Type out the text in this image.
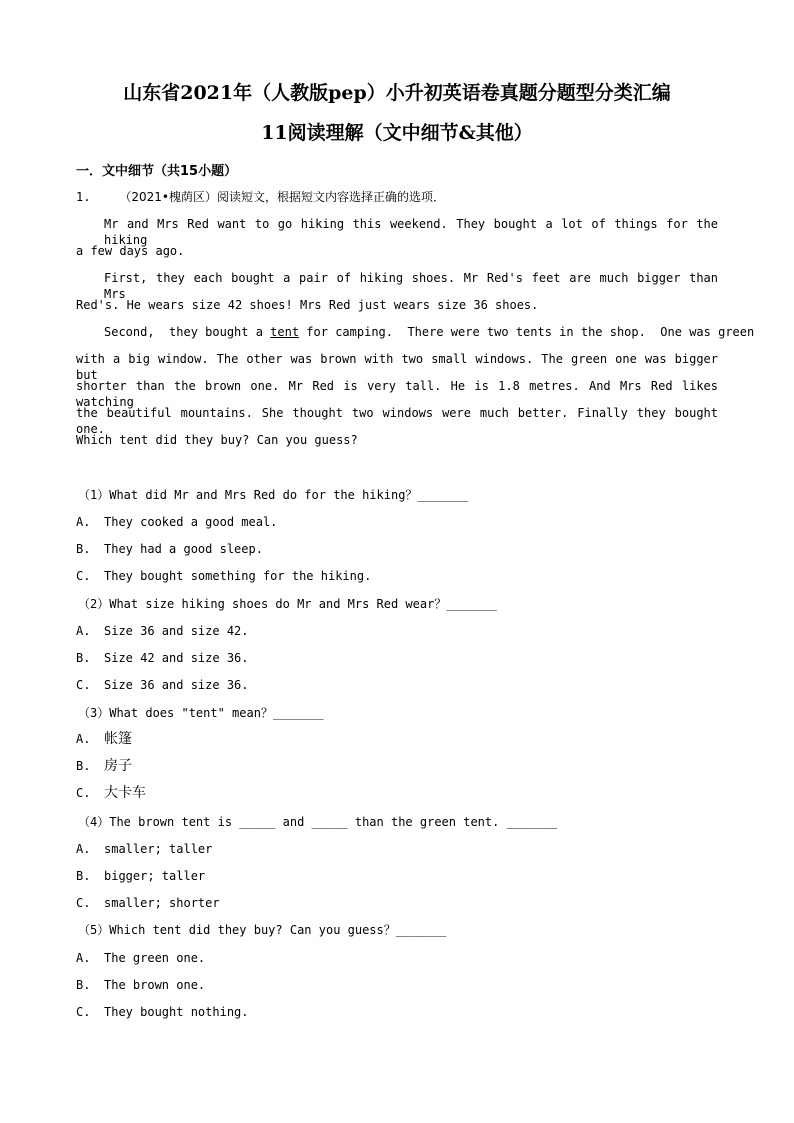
山东省2021年（人教版pep）小升初英语卷真题分题型分类汇编
11阅读理解（文中细节&其他）
一．文中细节（共15小题）
1. （2021•槐荫区）阅读短文，根据短文内容选择正确的选项．
Mr and Mrs Red want to go hiking this weekend. They bought a lot of things for the hiking
a few days ago.
First, they each bought a pair of hiking shoes. Mr Red's feet are much bigger than Mrs
Red's. He wears size 42 shoes! Mrs Red just wears size 36 shoes.
Second,  they bought a tent for camping.  There were two tents in the shop.  One was green
with a big window. The other was brown with two small windows. The green one was bigger but
shorter than the brown one. Mr Red is very tall. He is 1.8 metres. And Mrs Red likes watching
the beautiful mountains. She thought two windows were much better. Finally they bought one.
Which tent did they buy? Can you guess?
（1）What did Mr and Mrs Red do for the hiking？_______
A. They cooked a good meal.
B. They had a good sleep.
C. They bought something for the hiking.
（2）What size hiking shoes do Mr and Mrs Red wear？_______
A. Size 36 and size 42.
B. Size 42 and size 36.
C. Size 36 and size 36.
（3）What does "tent" mean？_______
A. 帐篷
B. 房子
C. 大卡车
（4）The brown tent is _____ and _____ than the green tent. _______
A. smaller; taller
B. bigger; taller
C. smaller; shorter
（5）Which tent did they buy? Can you guess？_______
A. The green one.
B. The brown one.
C. They bought nothing.
